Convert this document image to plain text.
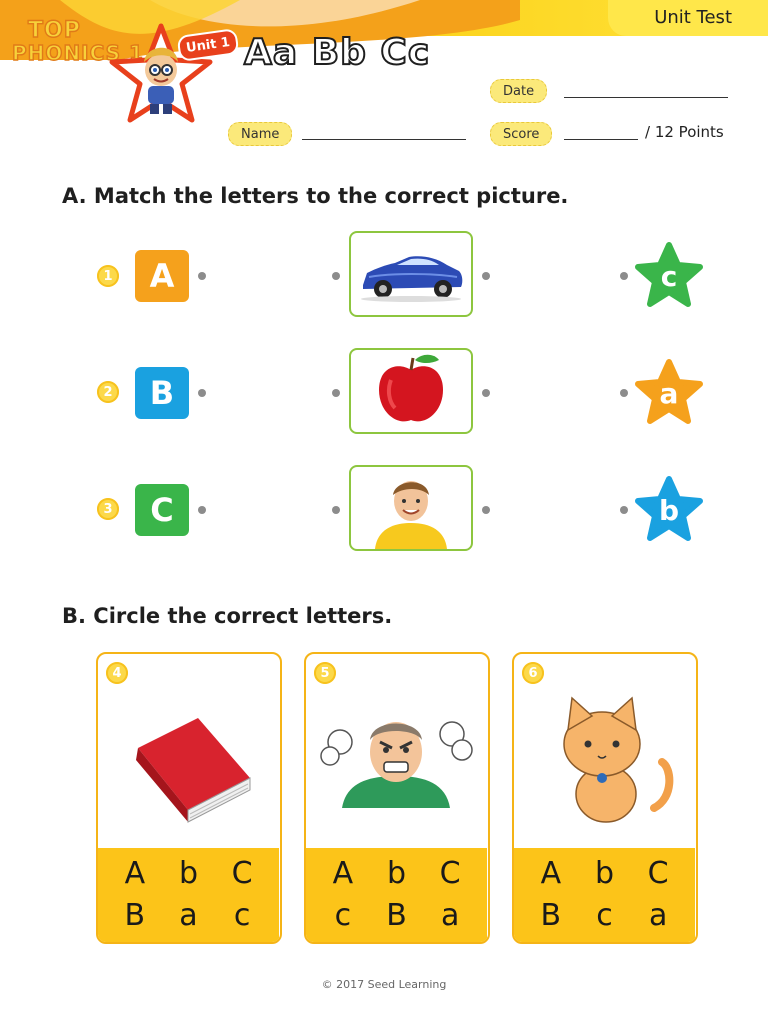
Unit Test
TOP
PHONICS 1	Unit 1 Aa Bb Cc
Date
Name	Score	/ 12 Points
A. Match the letters to the correct picture.
1	A	c
2	B	a
3	C	b
B. Circle the correct letters.
4
A	b	C
B	a	c
5
A	b	C
c	B	a
6
A	b	C
B	c	a
© 2017 Seed Learning
